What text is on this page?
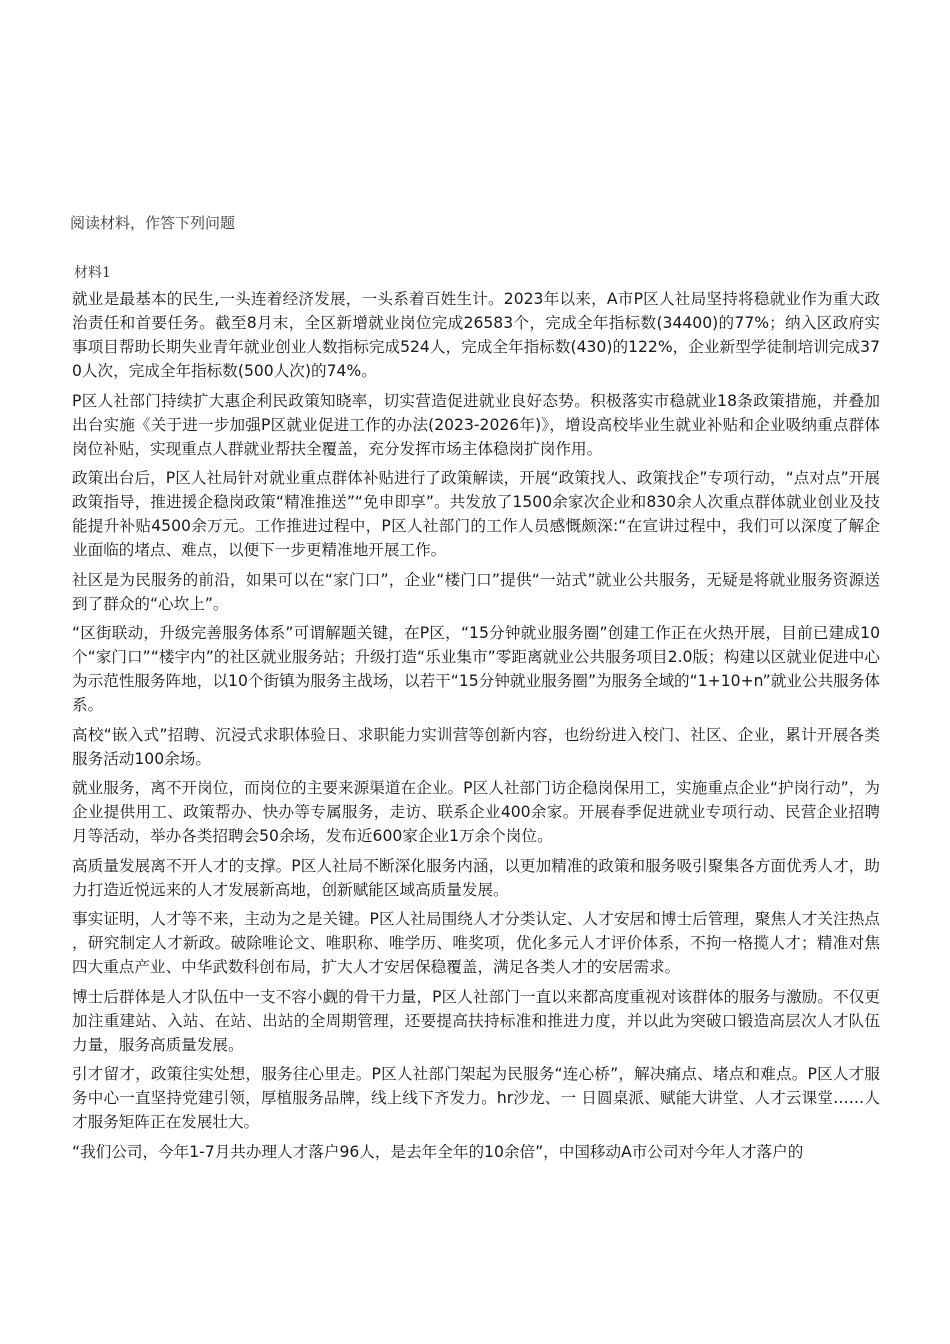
阅读材料，作答下列问题
材料1

就业是最基本的民生,一头连着经济发展，一头系着百姓生计。2023年以来，A市P区人社局坚持将稳就业作为重大政治责任和首要任务。截至8月末，全区新增就业岗位完成26583个，完成全年指标数(34400)的77%；纳入区政府实事项目帮助长期失业青年就业创业人数指标完成524人，完成全年指标数(430)的122%，企业新型学徒制培训完成370人次，完成全年指标数(500人次)的74%。

P区人社部门持续扩大惠企利民政策知晓率，切实营造促进就业良好态势。积极落实市稳就业18条政策措施，并叠加出台实施《关于进一步加强P区就业促进工作的办法(2023-2026年)》，增设高校毕业生就业补贴和企业吸纳重点群体岗位补贴，实现重点人群就业帮扶全覆盖，充分发挥市场主体稳岗扩岗作用。

政策出台后，P区人社局针对就业重点群体补贴进行了政策解读，开展“政策找人、政策找企”专项行动，“点对点”开展政策指导，推进援企稳岗政策“精准推送”“免申即享”。共发放了1500余家次企业和830余人次重点群体就业创业及技能提升补贴4500余万元。工作推进过程中，P区人社部门的工作人员感慨颇深:“在宣讲过程中，我们可以深度了解企业面临的堵点、难点，以便下一步更精准地开展工作。

社区是为民服务的前沿，如果可以在“家门口”，企业“楼门口”提供“一站式”就业公共服务，无疑是将就业服务资源送到了群众的“心坎上”。

“区街联动，升级完善服务体系”可谓解题关键，在P区，“15分钟就业服务圈”创建工作正在火热开展，目前已建成10个“家门口”“楼宇内”的社区就业服务站；升级打造“乐业集市”零距离就业公共服务项目2.0版；构建以区就业促进中心为示范性服务阵地，以10个街镇为服务主战场，以若干“15分钟就业服务圈”为服务全域的“1+10+n”就业公共服务体系。

高校“嵌入式”招聘、沉浸式求职体验日、求职能力实训营等创新内容，也纷纷进入校门、社区、企业，累计开展各类服务活动100余场。

就业服务，离不开岗位，而岗位的主要来源渠道在企业。P区人社部门访企稳岗保用工，实施重点企业“护岗行动”，为企业提供用工、政策帮办、快办等专属服务，走访、联系企业400余家。开展春季促进就业专项行动、民营企业招聘月等活动，举办各类招聘会50余场，发布近600家企业1万余个岗位。

高质量发展离不开人才的支撑。P区人社局不断深化服务内涵，以更加精准的政策和服务吸引聚集各方面优秀人才，助力打造近悦远来的人才发展新高地，创新赋能区域高质量发展。

事实证明，人才等不来，主动为之是关键。P区人社局围绕人才分类认定、人才安居和博士后管理，聚焦人才关注热点，研究制定人才新政。破除唯论文、唯职称、唯学历、唯奖项，优化多元人才评价体系，不拘一格揽人才；精准对焦四大重点产业、中华武数科创布局，扩大人才安居保稳覆盖，满足各类人才的安居需求。

博士后群体是人才队伍中一支不容小觑的骨干力量，P区人社部门一直以来都高度重视对该群体的服务与激励。不仅更加注重建站、入站、在站、出站的全周期管理，还要提高扶持标准和推进力度，并以此为突破口锻造高层次人才队伍力量，服务高质量发展。

引才留才，政策往实处想，服务往心里走。P区人社部门架起为民服务“连心桥”，解决痛点、堵点和难点。P区人才服务中心一直坚持党建引领，厚植服务品牌，线上线下齐发力。hr沙龙、一 日圆桌派、赋能大讲堂、人才云课堂……人才服务矩阵正在发展壮大。

“我们公司，今年1-7月共办理人才落户96人，是去年全年的10余倍”，中国移动A市公司对今年人才落户的
